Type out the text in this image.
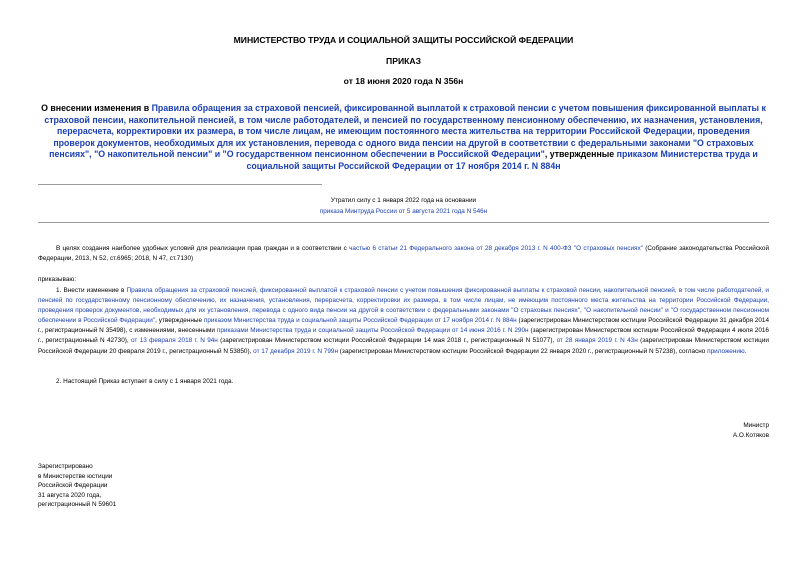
МИНИСТЕРСТВО ТРУДА И СОЦИАЛЬНОЙ ЗАЩИТЫ РОССИЙСКОЙ ФЕДЕРАЦИИ
ПРИКАЗ
от 18 июня 2020 года N 356н
О внесении изменения в Правила обращения за страховой пенсией, фиксированной выплатой к страховой пенсии с учетом повышения фиксированной выплаты к страховой пенсии, накопительной пенсией, в том числе работодателей, и пенсией по государственному пенсионному обеспечению, их назначения, установления, перерасчета, корректировки их размера, в том числе лицам, не имеющим постоянного места жительства на территории Российской Федерации, проведения проверок документов, необходимых для их установления, перевода с одного вида пенсии на другой в соответствии с федеральными законами "О страховых пенсиях", "О накопительной пенсии" и "О государственном пенсионном обеспечении в Российской Федерации", утвержденные приказом Министерства труда и социальной защиты Российской Федерации от 17 ноября 2014 г. N 884н
Утратил силу с 1 января 2022 года на основании
приказа Минтруда России от 5 августа 2021 года N 546н
В целях создания наиболее удобных условий для реализации прав граждан и в соответствии с частью 6 статьи 21 Федерального закона от 28 декабря 2013 г. N 400-ФЗ "О страховых пенсиях" (Собрание законодательства Российской Федерации, 2013, N 52, ст.6965; 2018, N 47, ст.7130)
приказываю:
1. Внести изменение в Правила обращения за страховой пенсией, фиксированной выплатой к страховой пенсии с учетом повышения фиксированной выплаты к страховой пенсии, накопительной пенсией, в том числе работодателей, и пенсией по государственному пенсионному обеспечению, их назначения, установления, перерасчета, корректировки их размера, в том числе лицам, не имеющим постоянного места жительства на территории Российской Федерации, проведения проверок документов, необходимых для их установления, перевода с одного вида пенсии на другой в соответствии с федеральными законами "О страховых пенсиях", "О накопительной пенсии" и "О государственном пенсионном обеспечении в Российской Федерации", утвержденные приказом Министерства труда и социальной защиты Российской Федерации от 17 ноября 2014 г. N 884н (зарегистрирован Министерством юстиции Российской Федерации 31 декабря 2014 г., регистрационный N 35498), с изменениями, внесенными приказами Министерства труда и социальной защиты Российской Федерации от 14 июня 2016 г. N 290н (зарегистрирован Министерством юстиции Российской Федерации 4 июля 2016 г., регистрационный N 42730), от 13 февраля 2018 г. N 94н (зарегистрирован Министерством юстиции Российской Федерации 14 мая 2018 г., регистрационный N 51077), от 28 января 2019 г. N 43н (зарегистрирован Министерством юстиции Российской Федерации 20 февраля 2019 г., регистрационный N 53850), от 17 декабря 2019 г. N 799н (зарегистрирован Министерством юстиции Российской Федерации 22 января 2020 г., регистрационный N 57238), согласно приложению.
2. Настоящий Приказ вступает в силу с 1 января 2021 года.
Министр
А.О.Котяков
Зарегистрировано
в Министерстве юстиции
Российской Федерации
31 августа 2020 года,
регистрационный N 59601
